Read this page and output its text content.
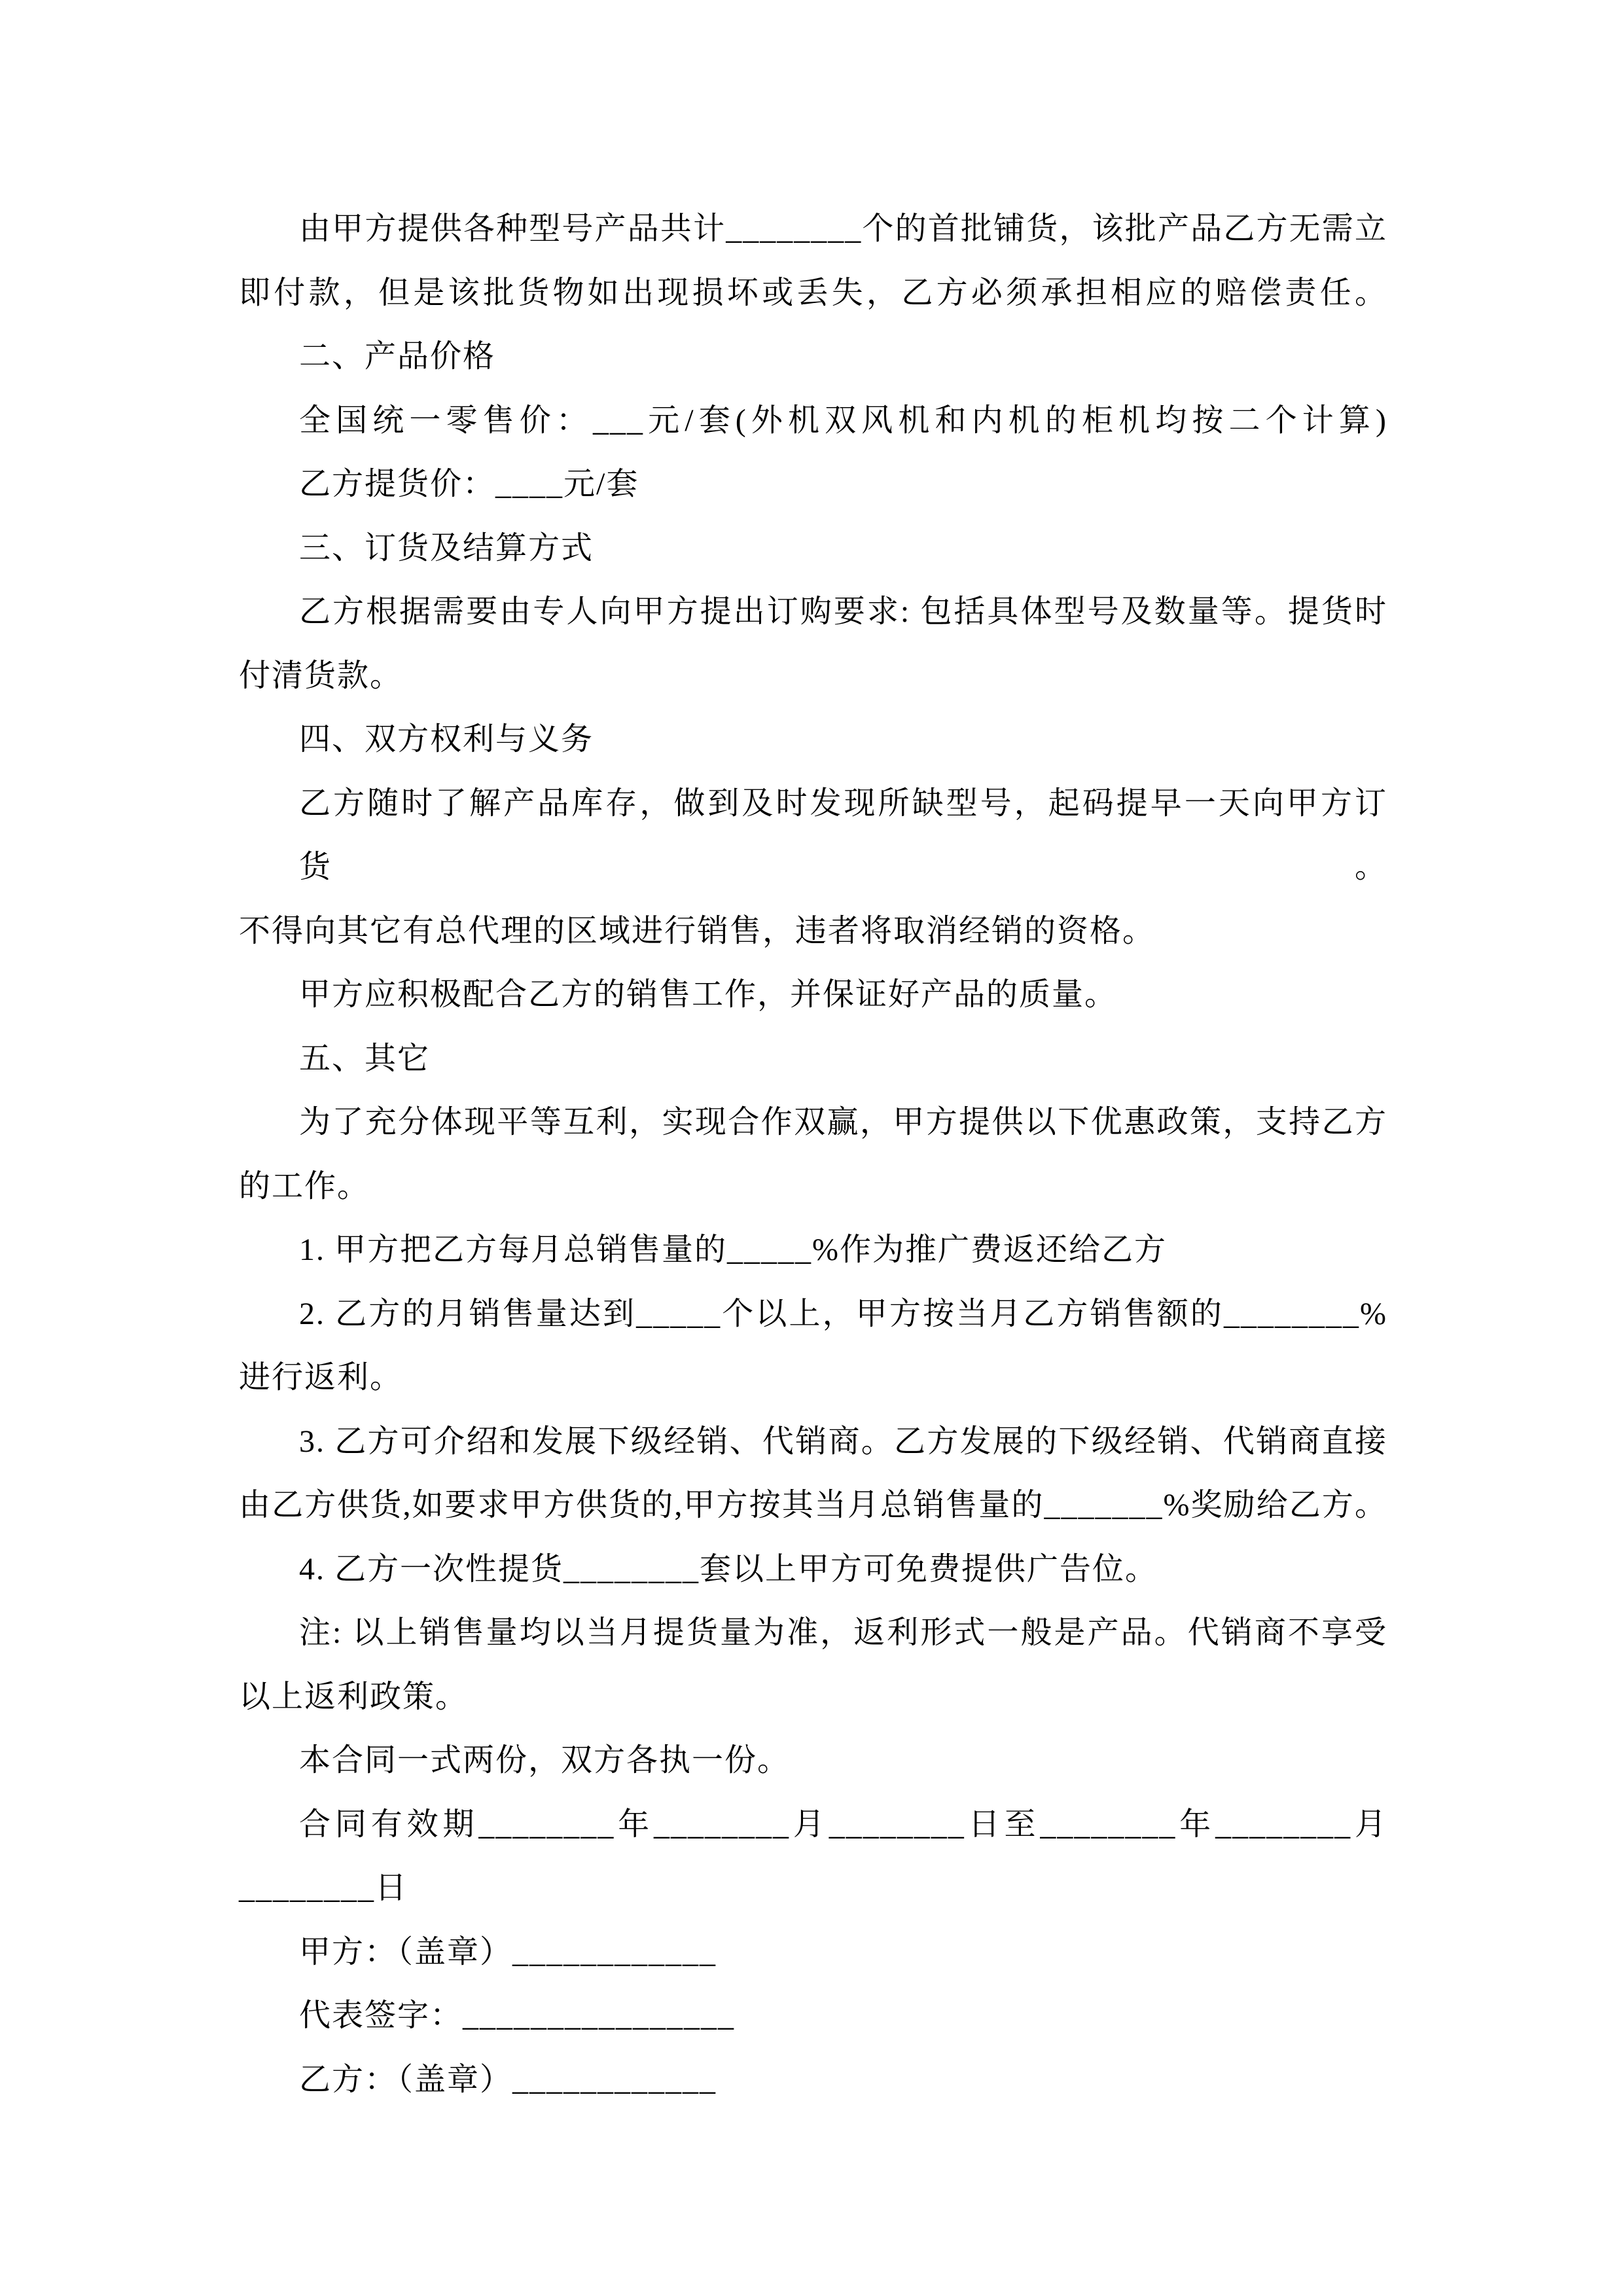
由甲方提供各种型号产品共计________个的首批铺货，该批产品乙方无需立

即付款，但是该批货物如出现损坏或丢失，乙方必须承担相应的赔偿责任。

二、产品价格

全国统一零售价：___元/套(外机双风机和内机的柜机均按二个计算)

乙方提货价：____元/套

三、订货及结算方式

乙方根据需要由专人向甲方提出订购要求: 包括具体型号及数量等。提货时

付清货款。

四、双方权利与义务

乙方随时了解产品库存，做到及时发现所缺型号，起码提早一天向甲方订货。

不得向其它有总代理的区域进行销售，违者将取消经销的资格。

甲方应积极配合乙方的销售工作，并保证好产品的质量。

五、其它

为了充分体现平等互利，实现合作双赢，甲方提供以下优惠政策，支持乙方

的工作。

1. 甲方把乙方每月总销售量的_____%作为推广费返还给乙方

2. 乙方的月销售量达到_____个以上，甲方按当月乙方销售额的________%

进行返利。

3. 乙方可介绍和发展下级经销、代销商。乙方发展的下级经销、代销商直接

由乙方供货,如要求甲方供货的,甲方按其当月总销售量的_______%奖励给乙方。

4. 乙方一次性提货________套以上甲方可免费提供广告位。

注: 以上销售量均以当月提货量为准，返利形式一般是产品。代销商不享受

以上返利政策。

本合同一式两份，双方各执一份。

合同有效期________年________月________日至________年________月

________日

甲方：（盖章）____________

代表签字：________________

乙方：（盖章）____________
